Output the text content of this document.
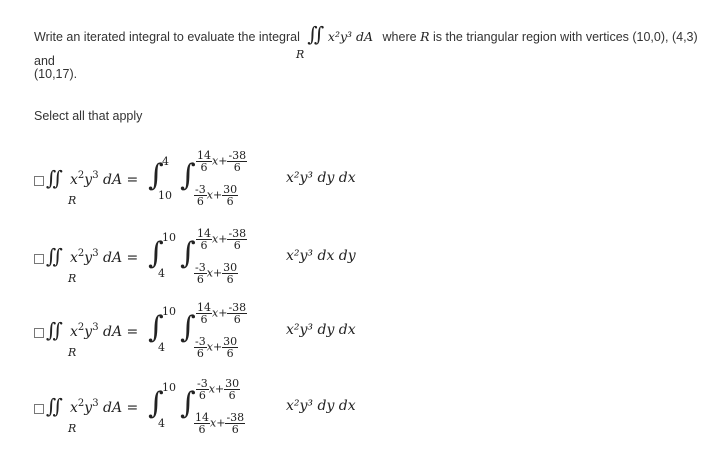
Write an iterated integral to evaluate the integral ∬ x²y³ dA where R is the triangular region with vertices (10,0), (4,3) and	R
(10,17).
Select all that apply
∬ $x^2y^3$ dA =
R
∫
4
10
∫ $\frac{14}{6} x+ \frac{-38}{6}$
$\frac{-3}{6} x+ \frac{30}{6}$
x²y³ dy dx
∬ $x^2y^3$ dA =
R
∫
10
4
∫ $\frac{14}{6} x+ \frac{-38}{6}$
$\frac{-3}{6} x+ \frac{30}{6}$
x²y³ dx dy
∬ $x^2y^3$ dA =
R
∫
10
4
∫ $\frac{14}{6} x+ \frac{-38}{6}$
$\frac{-3}{6} x+ \frac{30}{6}$
x²y³ dy dx
∬ $x^2y^3$ dA =
R
∫
10
4
∫ $\frac{-3}{6} x+ \frac{30}{6}$
$\frac{14}{6} x+ \frac{-38}{6}$
x²y³ dy dx
